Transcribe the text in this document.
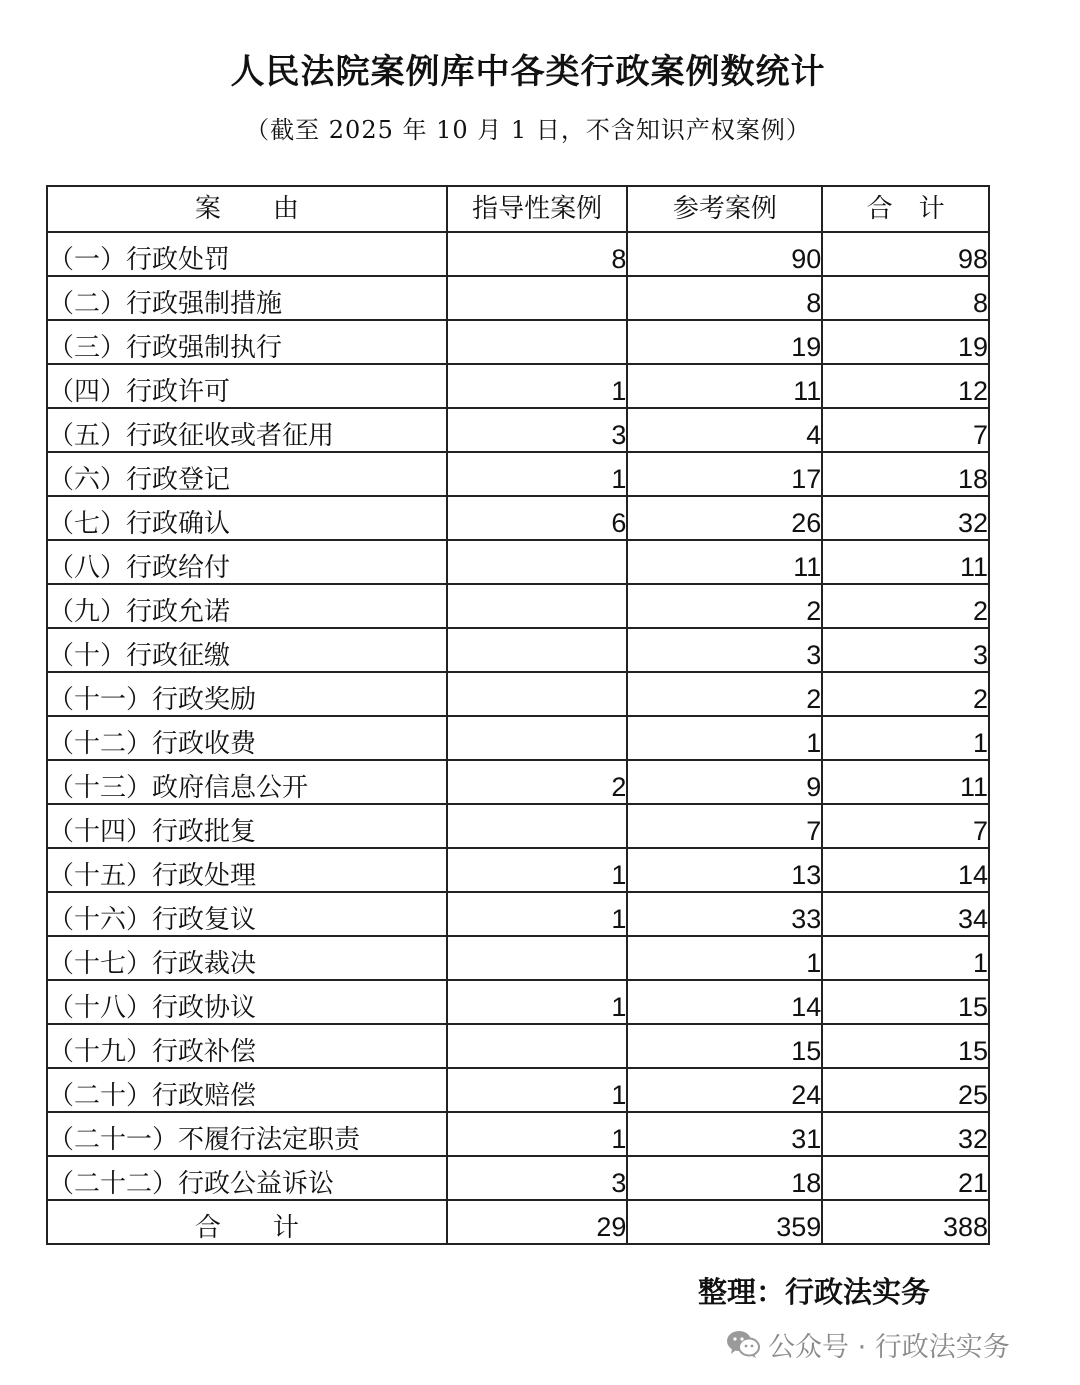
人民法院案例库中各类行政案例数统计
（截至 2025 年 10 月 1 日，不含知识产权案例）
案　　由	指导性案例	参考案例	合　计
（一）行政处罚	8	90	98
（二）行政强制措施		8	8
（三）行政强制执行		19	19
（四）行政许可	1	11	12
（五）行政征收或者征用	3	4	7
（六）行政登记	1	17	18
（七）行政确认	6	26	32
（八）行政给付		11	11
（九）行政允诺		2	2
（十）行政征缴		3	3
（十一）行政奖励		2	2
（十二）行政收费		1	1
（十三）政府信息公开	2	9	11
（十四）行政批复		7	7
（十五）行政处理	1	13	14
（十六）行政复议	1	33	34
（十七）行政裁决		1	1
（十八）行政协议	1	14	15
（十九）行政补偿		15	15
（二十）行政赔偿	1	24	25
（二十一）不履行法定职责	1	31	32
（二十二）行政公益诉讼	3	18	21
合　　计	29	359	388
整理：行政法实务
公众号 · 行政法实务
